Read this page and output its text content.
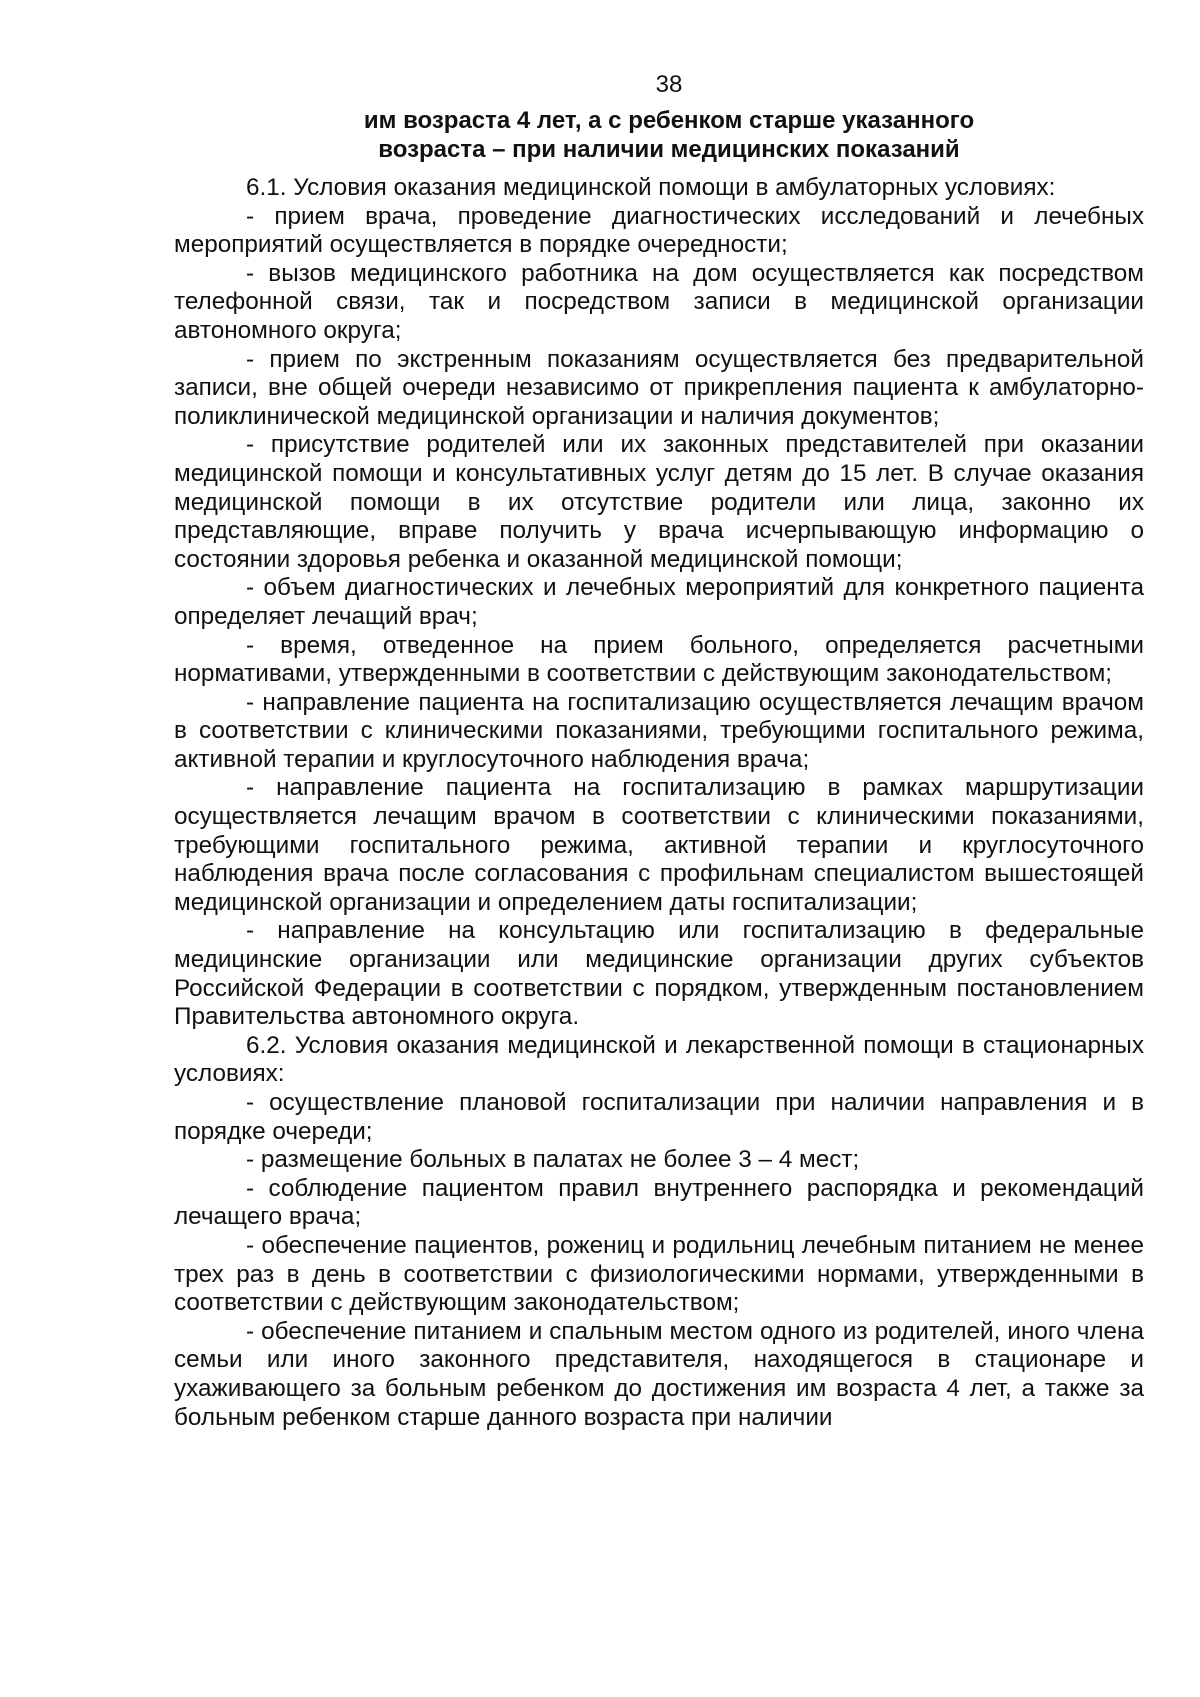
38
им возраста 4 лет, а с ребенком старше указанного
возраста – при наличии медицинских показаний

6.1. Условия оказания медицинской помощи в амбулаторных условиях:

- прием врача, проведение диагностических исследований и лечебных мероприятий осуществляется в порядке очередности;

- вызов медицинского работника на дом осуществляется как посредством телефонной связи, так и посредством записи в медицинской организации автономного округа;

- прием по экстренным показаниям осуществляется без предварительной записи, вне общей очереди независимо от прикрепления пациента к амбулаторно-поликлинической медицинской организации и наличия документов;

- присутствие родителей или их законных представителей при оказании медицинской помощи и консультативных услуг детям до 15 лет. В случае оказания медицинской помощи в их отсутствие родители или лица, законно их представляющие, вправе получить у врача исчерпывающую информацию о состоянии здоровья ребенка и оказанной медицинской помощи;

- объем диагностических и лечебных мероприятий для конкретного пациента определяет лечащий врач;

- время, отведенное на прием больного, определяется расчетными нормативами, утвержденными в соответствии с действующим законодательством;

- направление пациента на госпитализацию осуществляется лечащим врачом в соответствии с клиническими показаниями, требующими госпитального режима, активной терапии и круглосуточного наблюдения врача;

- направление пациента на госпитализацию в рамках маршрутизации осуществляется лечащим врачом в соответствии с клиническими показаниями, требующими госпитального режима, активной терапии и круглосуточного наблюдения врача после согласования с профильнам специалистом вышестоящей медицинской организации и определением даты госпитализации;

- направление на консультацию или госпитализацию в федеральные медицинские организации или медицинские организации других субъектов Российской Федерации в соответствии с порядком, утвержденным постановлением Правительства автономного округа.

6.2. Условия оказания медицинской и лекарственной помощи в стационарных условиях:

- осуществление плановой госпитализации при наличии направления и в порядке очереди;

- размещение больных в палатах не более 3 – 4 мест;

- соблюдение пациентом правил внутреннего распорядка и рекомендаций лечащего врача;

- обеспечение пациентов, рожениц и родильниц лечебным питанием не менее трех раз в день в соответствии с физиологическими нормами, утвержденными в соответствии с действующим законодательством;

- обеспечение питанием и спальным местом одного из родителей, иного члена семьи или иного законного представителя, находящегося в стационаре и ухаживающего за больным ребенком до достижения им возраста 4 лет, а также за больным ребенком старше данного возраста при наличии
